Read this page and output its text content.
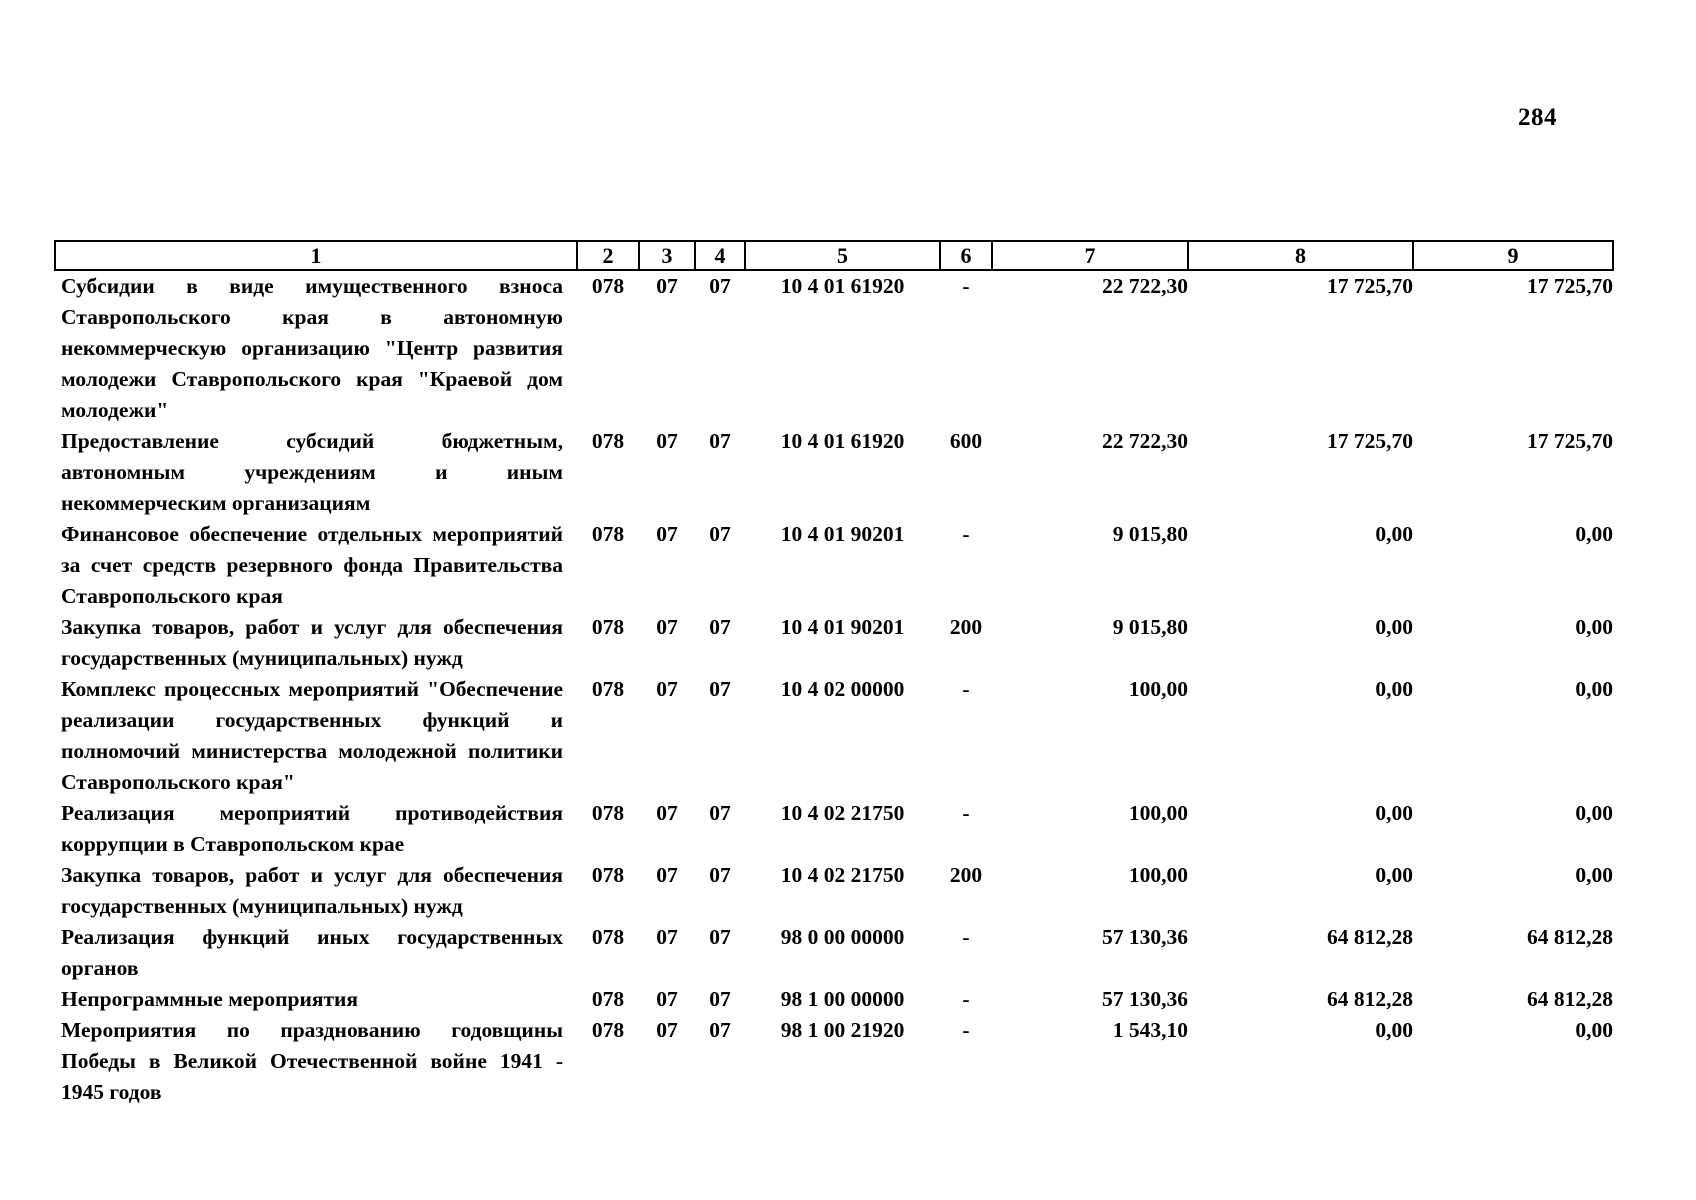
284
1	2	3	4	5	6	7	8	9
Субсидии в виде имущественного взноса Ставропольского края в автономную некоммерческую организацию "Центр развития молодежи Ставропольского края "Краевой дом молодежи"	078	07	07	10 4 01 61920	-	22 722,30	17 725,70	17 725,70
Предоставление субсидий бюджетным, автономным учреждениям и иным некоммерческим организациям	078	07	07	10 4 01 61920	600	22 722,30	17 725,70	17 725,70
Финансовое обеспечение отдельных мероприятий за счет средств резервного фонда Правительства Ставропольского края	078	07	07	10 4 01 90201	-	9 015,80	0,00	0,00
Закупка товаров, работ и услуг для обеспечения государственных (муниципальных) нужд	078	07	07	10 4 01 90201	200	9 015,80	0,00	0,00
Комплекс процессных мероприятий "Обеспечение реализации государственных функций и полномочий министерства молодежной политики Ставропольского края"	078	07	07	10 4 02 00000	-	100,00	0,00	0,00
Реализация мероприятий противодействия коррупции в Ставропольском крае	078	07	07	10 4 02 21750	-	100,00	0,00	0,00
Закупка товаров, работ и услуг для обеспечения государственных (муниципальных) нужд	078	07	07	10 4 02 21750	200	100,00	0,00	0,00
Реализация функций иных государственных органов	078	07	07	98 0 00 00000	-	57 130,36	64 812,28	64 812,28
Непрограммные мероприятия	078	07	07	98 1 00 00000	-	57 130,36	64 812,28	64 812,28
Мероприятия по празднованию годовщины Победы в Великой Отечественной войне 1941 - 1945 годов	078	07	07	98 1 00 21920	-	1 543,10	0,00	0,00
